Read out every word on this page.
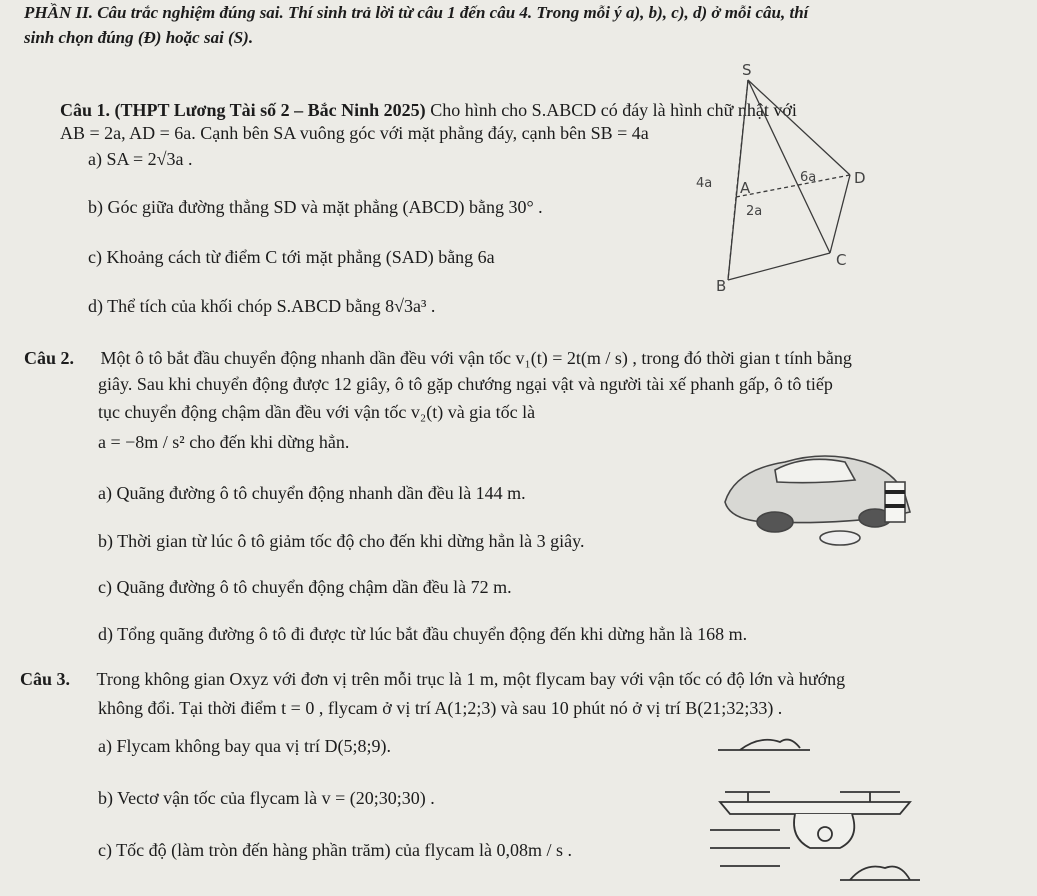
PHẦN II. Câu trắc nghiệm đúng sai. Thí sinh trả lời từ câu 1 đến câu 4. Trong mỗi ý a), b), c), d) ở mỗi câu, thí
sinh chọn đúng (Đ) hoặc sai (S).
Câu 1. (THPT Lương Tài số 2 – Bắc Ninh 2025) Cho hình cho S.ABCD có đáy là hình chữ nhật với
AB = 2a, AD = 6a. Cạnh bên SA vuông góc với mặt phẳng đáy, cạnh bên SB = 4a
a) SA = 2√3a .
b) Góc giữa đường thẳng SD và mặt phẳng (ABCD) bằng 30° .
c) Khoảng cách từ điểm C tới mặt phẳng (SAD) bằng 6a
d) Thể tích của khối chóp S.ABCD bằng 8√3a³ .
S
A
D
B
C
6a
4a
2a
Câu 2. Một ô tô bắt đầu chuyển động nhanh dần đều với vận tốc v₁(t) = 2t(m / s) , trong đó thời gian t tính bằng
giây. Sau khi chuyển động được 12 giây, ô tô gặp chướng ngại vật và người tài xế phanh gấp, ô tô tiếp
tục chuyển động chậm dần đều với vận tốc v₂(t) và gia tốc là
a = −8m / s² cho đến khi dừng hẳn.
a) Quãng đường ô tô chuyển động nhanh dần đều là 144 m.
b) Thời gian từ lúc ô tô giảm tốc độ cho đến khi dừng hẳn là 3 giây.
c) Quãng đường ô tô chuyển động chậm dần đều là 72 m.
d) Tổng quãng đường ô tô đi được từ lúc bắt đầu chuyển động đến khi dừng hẳn là 168 m.
Câu 3. Trong không gian Oxyz với đơn vị trên mỗi trục là 1 m, một flycam bay với vận tốc có độ lớn và hướng
không đổi. Tại thời điểm t = 0 , flycam ở vị trí A(1;2;3) và sau 10 phút nó ở vị trí B(21;32;33) .
a) Flycam không bay qua vị trí D(5;8;9).
b) Vectơ vận tốc của flycam là v = (20;30;30) .
c) Tốc độ (làm tròn đến hàng phần trăm) của flycam là 0,08m / s .
